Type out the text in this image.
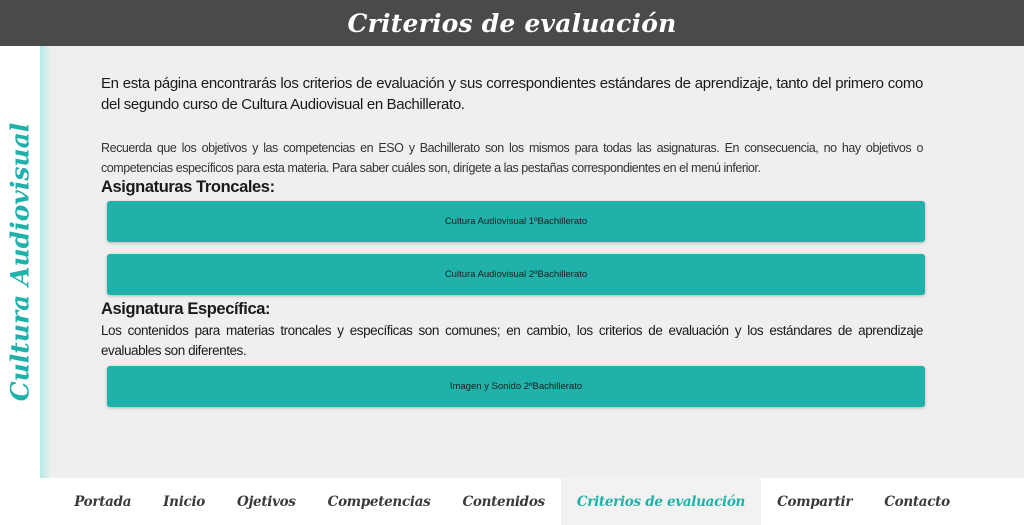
Criterios de evaluación
Cultura Audiovisual

En esta página encontrarás los criterios de evaluación y sus correspondientes estándares de aprendizaje, tanto del primero como del segundo curso de Cultura Audiovisual en Bachillerato.

Recuerda que los objetivos y las competencias en ESO y Bachillerato son los mismos para todas las asignaturas. En consecuencia, no hay objetivos o competencias específicos para esta materia. Para saber cuáles son, dirígete a las pestañas correspondientes en el menú inferior.

Asignaturas Troncales:
Cultura Audiovisual 1ºBachillerato
Cultura Audiovisual 2ºBachillerato
Asignatura Específica:

Los contenidos para materias troncales y específicas son comunes; en cambio, los criterios de evaluación y los estándares de aprendizaje evaluables son diferentes.

Imagen y Sonido 2ºBachillerato
Portada	Inicio	Ojetivos	Competencias	Contenidos	Criterios de evaluación	Compartir	Contacto
